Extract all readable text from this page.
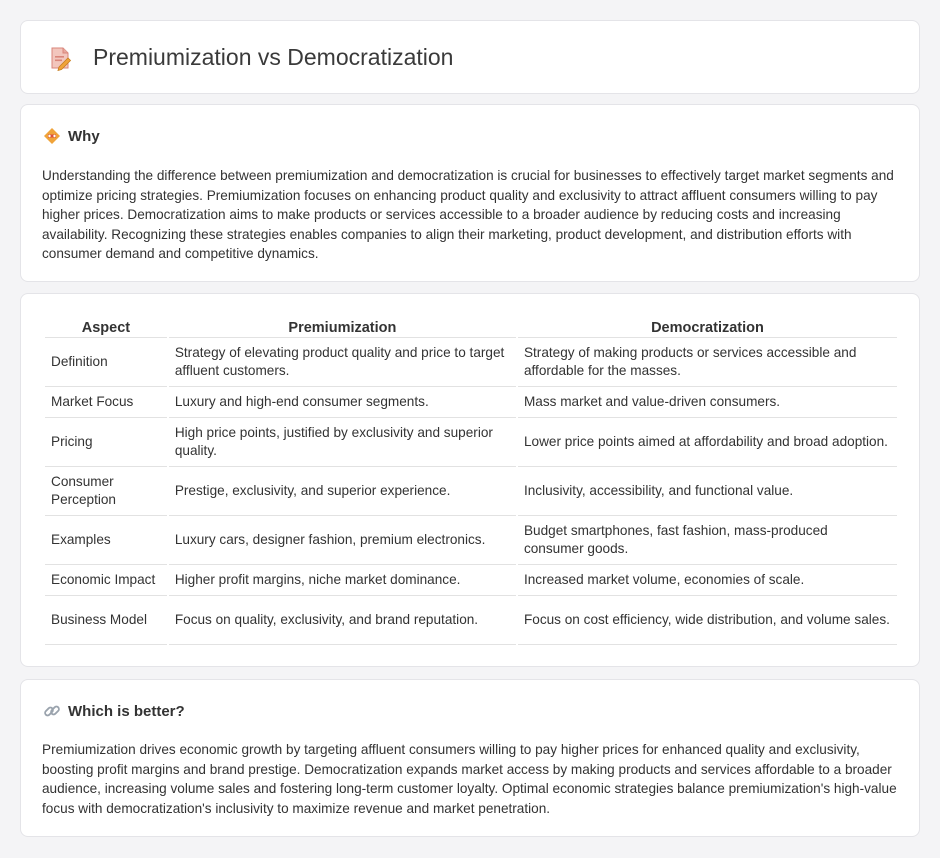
Premiumization vs Democratization
Why

Understanding the difference between premiumization and democratization is crucial for businesses to effectively target market segments and optimize pricing strategies. Premiumization focuses on enhancing product quality and exclusivity to attract affluent consumers willing to pay higher prices. Democratization aims to make products or services accessible to a broader audience by reducing costs and increasing availability. Recognizing these strategies enables companies to align their marketing, product development, and distribution efforts with consumer demand and competitive dynamics.

Aspect	Premiumization	Democratization
Definition	Strategy of elevating product quality and price to target affluent customers.	Strategy of making products or services accessible and affordable for the masses.
Market Focus	Luxury and high-end consumer segments.	Mass market and value-driven consumers.
Pricing	High price points, justified by exclusivity and superior quality.	Lower price points aimed at affordability and broad adoption.
Consumer Perception	Prestige, exclusivity, and superior experience.	Inclusivity, accessibility, and functional value.
Examples	Luxury cars, designer fashion, premium electronics.	Budget smartphones, fast fashion, mass-produced consumer goods.
Economic Impact	Higher profit margins, niche market dominance.	Increased market volume, economies of scale.
Business Model	Focus on quality, exclusivity, and brand reputation.	Focus on cost efficiency, wide distribution, and volume sales.
Which is better?

Premiumization drives economic growth by targeting affluent consumers willing to pay higher prices for enhanced quality and exclusivity, boosting profit margins and brand prestige. Democratization expands market access by making products and services affordable to a broader audience, increasing volume sales and fostering long-term customer loyalty. Optimal economic strategies balance premiumization's high-value focus with democratization's inclusivity to maximize revenue and market penetration.
